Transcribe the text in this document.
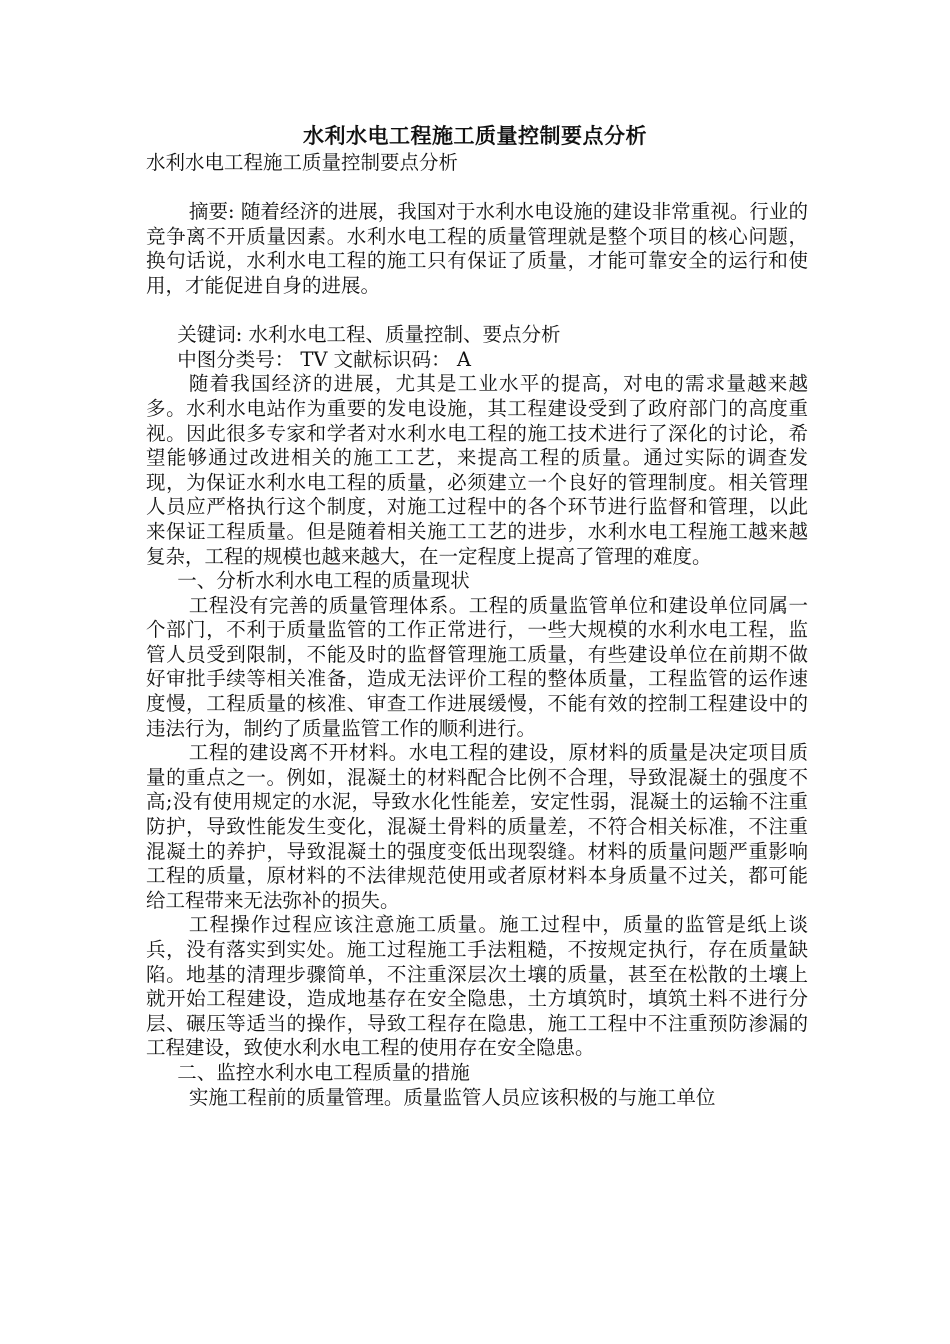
水利水电工程施工质量控制要点分析

水利水电工程施工质量控制要点分析

摘要: 随着经济的进展，我国对于水利水电设施的建设非常重视。行业的竞争离不开质量因素。水利水电工程的质量管理就是整个项目的核心问题，换句话说，水利水电工程的施工只有保证了质量，才能可靠安全的运行和使用，才能促进自身的进展。

关键词: 水利水电工程、质量控制、要点分析

中图分类号： TV 文献标识码： A

随着我国经济的进展，尤其是工业水平的提高，对电的需求量越来越多。水利水电站作为重要的发电设施，其工程建设受到了政府部门的高度重视。因此很多专家和学者对水利水电工程的施工技术进行了深化的讨论，希望能够通过改进相关的施工工艺，来提高工程的质量。通过实际的调查发现，为保证水利水电工程的质量，必须建立一个良好的管理制度。相关管理人员应严格执行这个制度，对施工过程中的各个环节进行监督和管理，以此来保证工程质量。但是随着相关施工工艺的进步，水利水电工程施工越来越复杂，工程的规模也越来越大，在一定程度上提高了管理的难度。

一、分析水利水电工程的质量现状

工程没有完善的质量管理体系。工程的质量监管单位和建设单位同属一个部门，不利于质量监管的工作正常进行，一些大规模的水利水电工程，监管人员受到限制，不能及时的监督管理施工质量，有些建设单位在前期不做好审批手续等相关准备，造成无法评价工程的整体质量，工程监管的运作速度慢，工程质量的核准、审查工作进展缓慢，不能有效的控制工程建设中的违法行为，制约了质量监管工作的顺利进行。

工程的建设离不开材料。水电工程的建设，原材料的质量是决定项目质量的重点之一。例如，混凝土的材料配合比例不合理，导致混凝土的强度不高;没有使用规定的水泥，导致水化性能差，安定性弱，混凝土的运输不注重防护，导致性能发生变化，混凝土骨料的质量差，不符合相关标准，不注重混凝土的养护，导致混凝土的强度变低出现裂缝。材料的质量问题严重影响工程的质量，原材料的不法律规范使用或者原材料本身质量不过关，都可能给工程带来无法弥补的损失。

工程操作过程应该注意施工质量。施工过程中，质量的监管是纸上谈兵，没有落实到实处。施工过程施工手法粗糙，不按规定执行，存在质量缺陷。地基的清理步骤简单，不注重深层次土壤的质量，甚至在松散的土壤上就开始工程建设，造成地基存在安全隐患，土方填筑时，填筑土料不进行分层、碾压等适当的操作，导致工程存在隐患，施工工程中不注重预防渗漏的工程建设，致使水利水电工程的使用存在安全隐患。

二、监控水利水电工程质量的措施

实施工程前的质量管理。质量监管人员应该积极的与施工单位
